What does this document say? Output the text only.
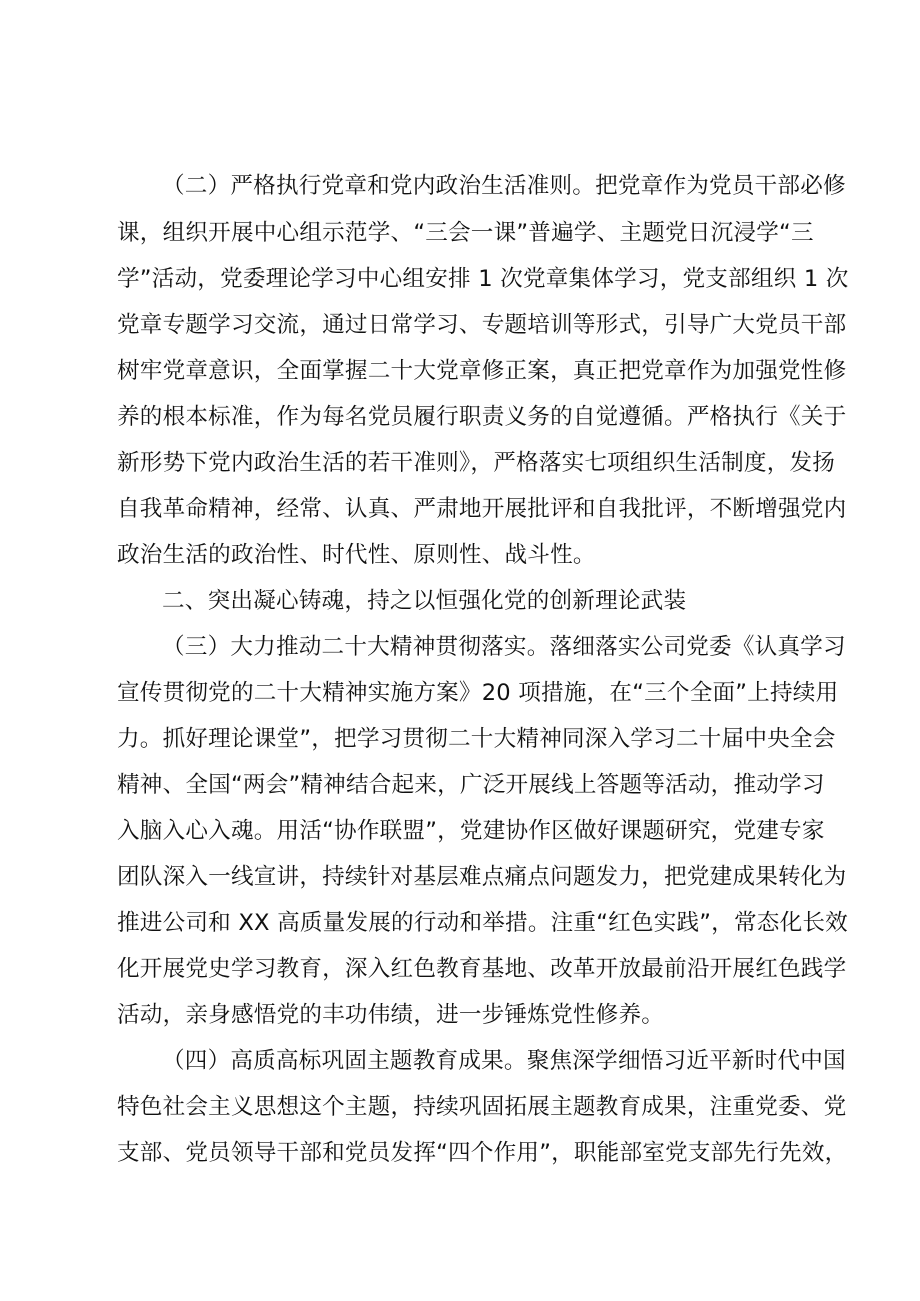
（二）严格执行党章和党内政治生活准则。把党章作为党员干部必修
课，组织开展中心组示范学、“三会一课”普遍学、主题党日沉浸学“三
学”活动，党委理论学习中心组安排 1 次党章集体学习，党支部组织 1 次
党章专题学习交流，通过日常学习、专题培训等形式，引导广大党员干部
树牢党章意识，全面掌握二十大党章修正案，真正把党章作为加强党性修
养的根本标准，作为每名党员履行职责义务的自觉遵循。严格执行《关于
新形势下党内政治生活的若干准则》，严格落实七项组织生活制度，发扬
自我革命精神，经常、认真、严肃地开展批评和自我批评，不断增强党内
政治生活的政治性、时代性、原则性、战斗性。
二、突出凝心铸魂，持之以恒强化党的创新理论武装
（三）大力推动二十大精神贯彻落实。落细落实公司党委《认真学习
宣传贯彻党的二十大精神实施方案》20 项措施，在“三个全面”上持续用
力。抓好理论课堂”，把学习贯彻二十大精神同深入学习二十届中央全会
精神、全国“两会”精神结合起来，广泛开展线上答题等活动，推动学习
入脑入心入魂。用活“协作联盟”，党建协作区做好课题研究，党建专家
团队深入一线宣讲，持续针对基层难点痛点问题发力，把党建成果转化为
推进公司和 XX 高质量发展的行动和举措。注重“红色实践”，常态化长效
化开展党史学习教育，深入红色教育基地、改革开放最前沿开展红色践学
活动，亲身感悟党的丰功伟绩，进一步锤炼党性修养。
（四）高质高标巩固主题教育成果。聚焦深学细悟习近平新时代中国
特色社会主义思想这个主题，持续巩固拓展主题教育成果，注重党委、党
支部、党员领导干部和党员发挥“四个作用”，职能部室党支部先行先效，
